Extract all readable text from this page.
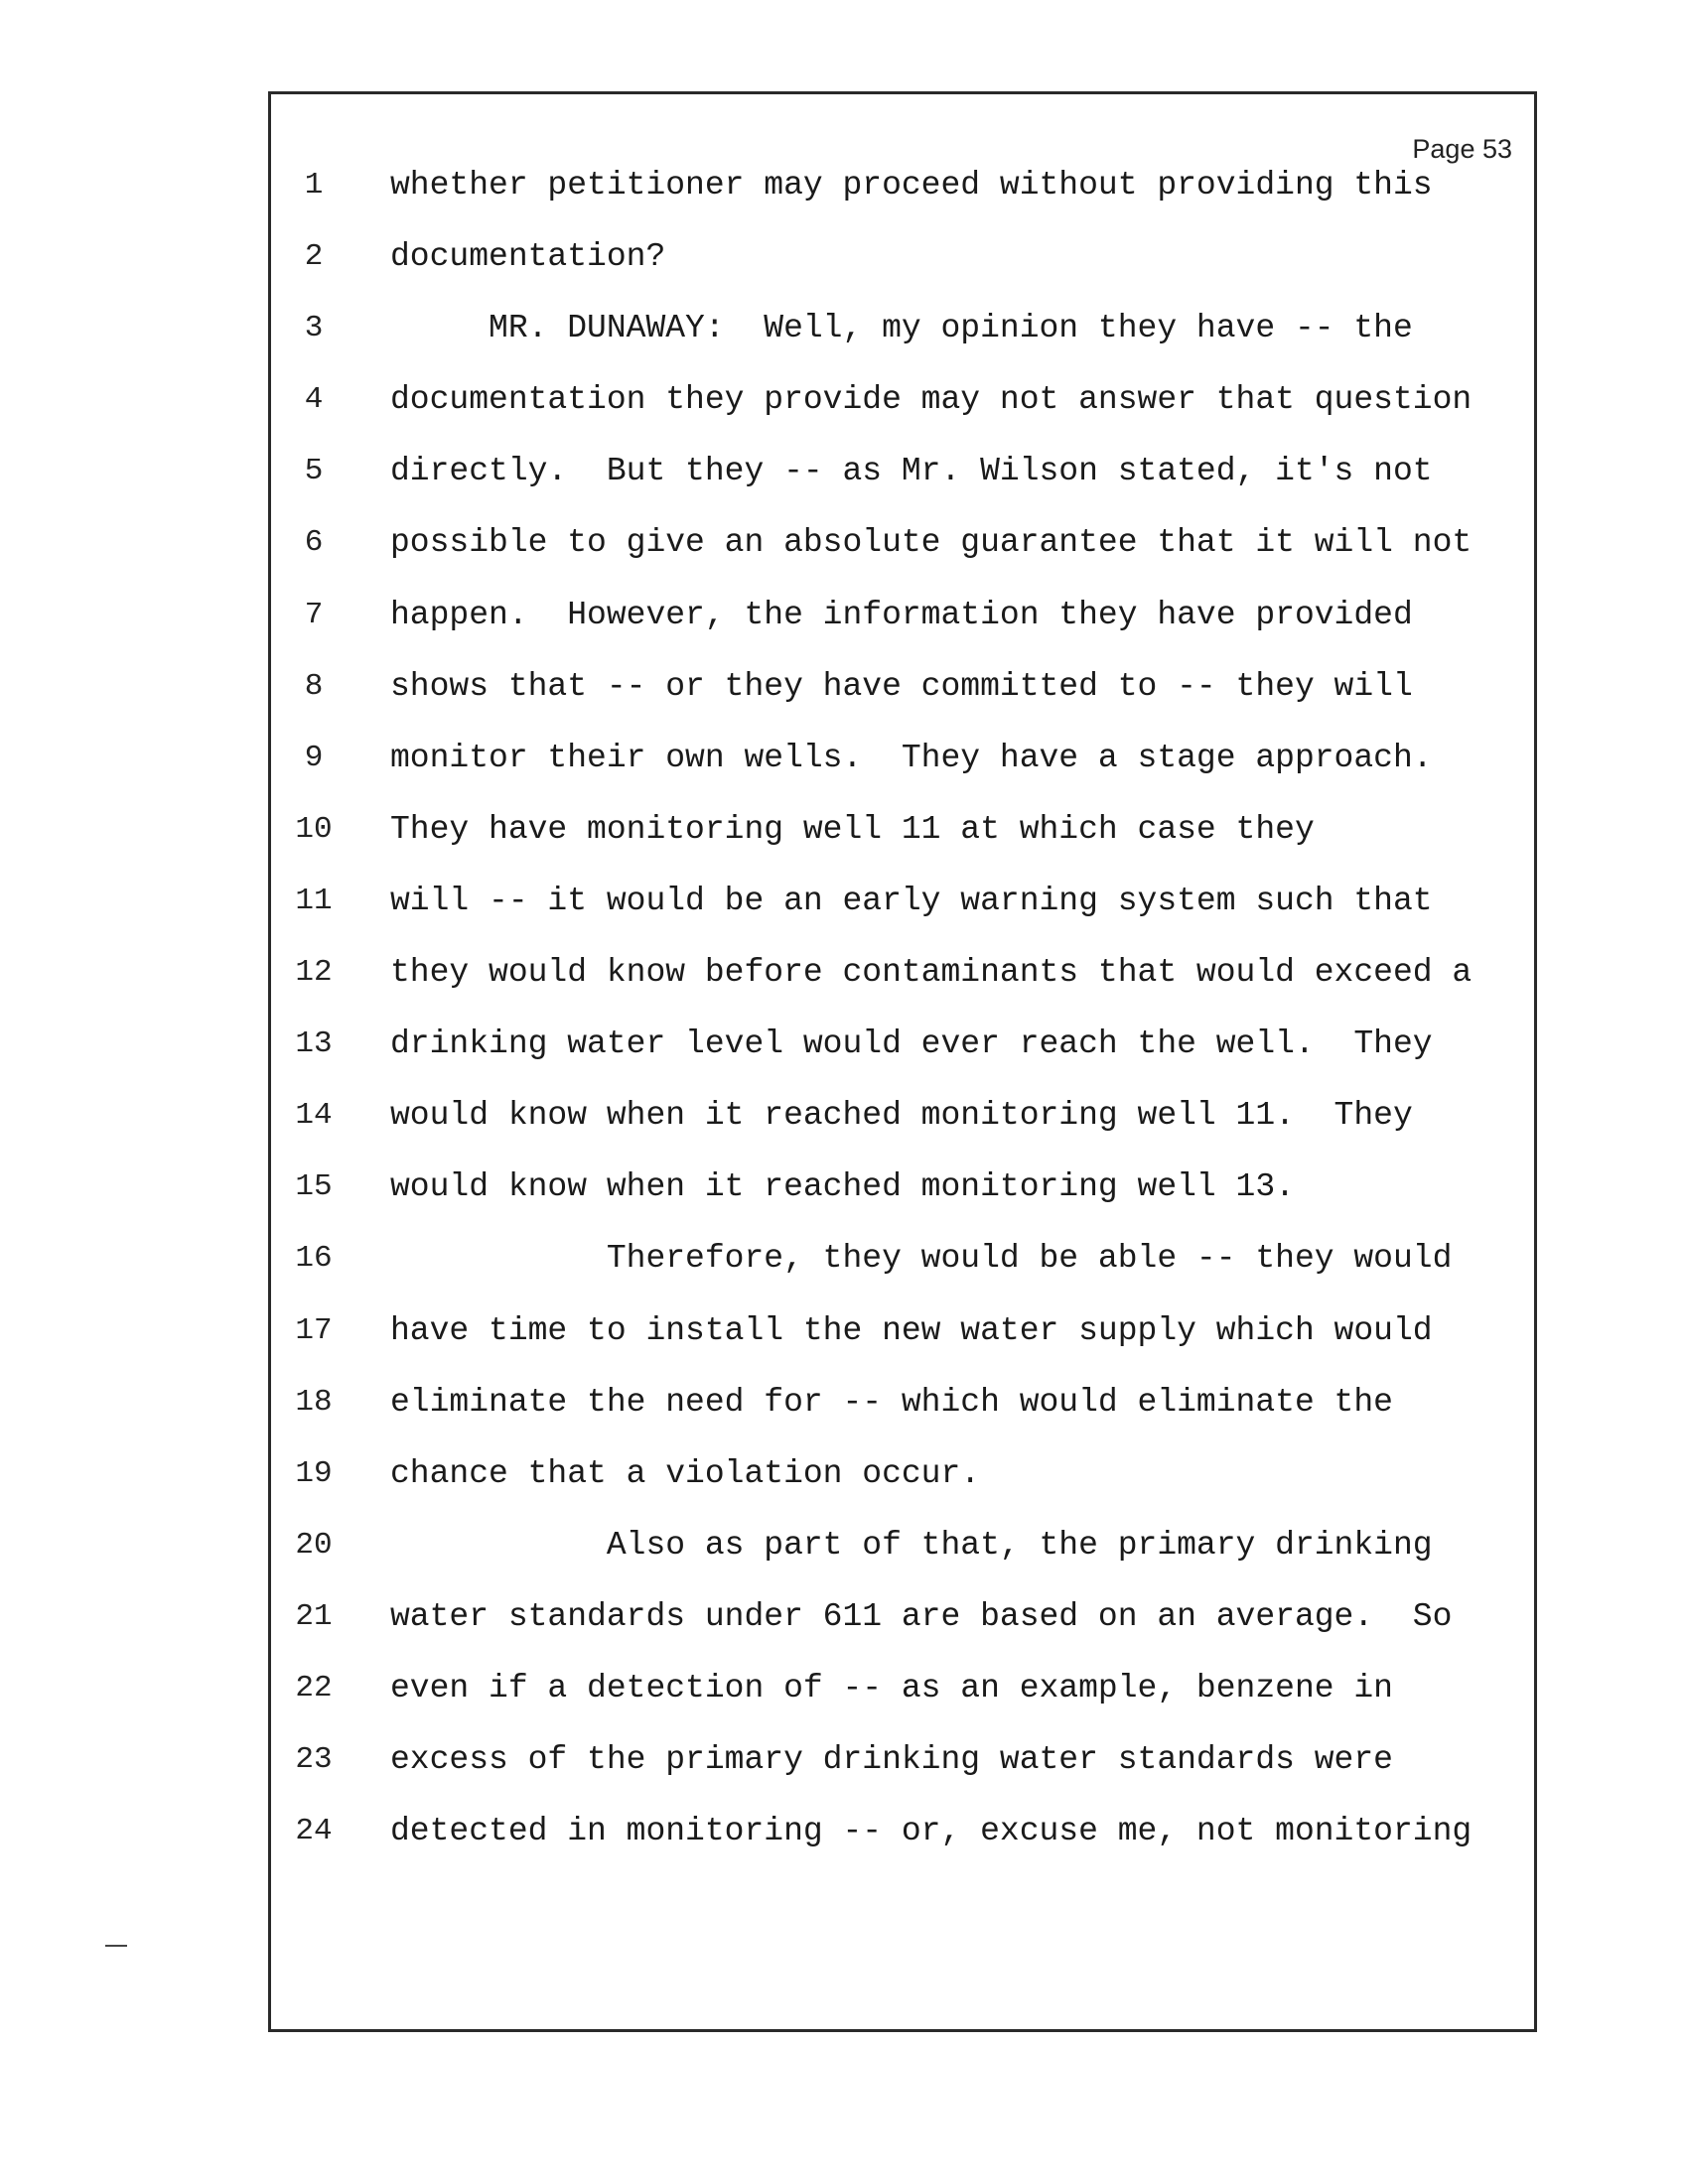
Page 53
1	whether petitioner may proceed without providing this
2	documentation?
3	MR. DUNAWAY:  Well, my opinion they have -- the
4	documentation they provide may not answer that question
5	directly.  But they -- as Mr. Wilson stated, it's not
6	possible to give an absolute guarantee that it will not
7	happen.  However, the information they have provided
8	shows that -- or they have committed to -- they will
9	monitor their own wells.  They have a stage approach.
10 They have monitoring well 11 at which case they
11 will -- it would be an early warning system such that
12 they would know before contaminants that would exceed a
13 drinking water level would ever reach the well.  They
14 would know when it reached monitoring well 11.  They
15 would know when it reached monitoring well 13.
16 Therefore, they would be able -- they would
17 have time to install the new water supply which would
18 eliminate the need for -- which would eliminate the
19 chance that a violation occur.
20 Also as part of that, the primary drinking
21 water standards under 611 are based on an average.  So
22 even if a detection of -- as an example, benzene in
23 excess of the primary drinking water standards were
24 detected in monitoring -- or, excuse me, not monitoring
